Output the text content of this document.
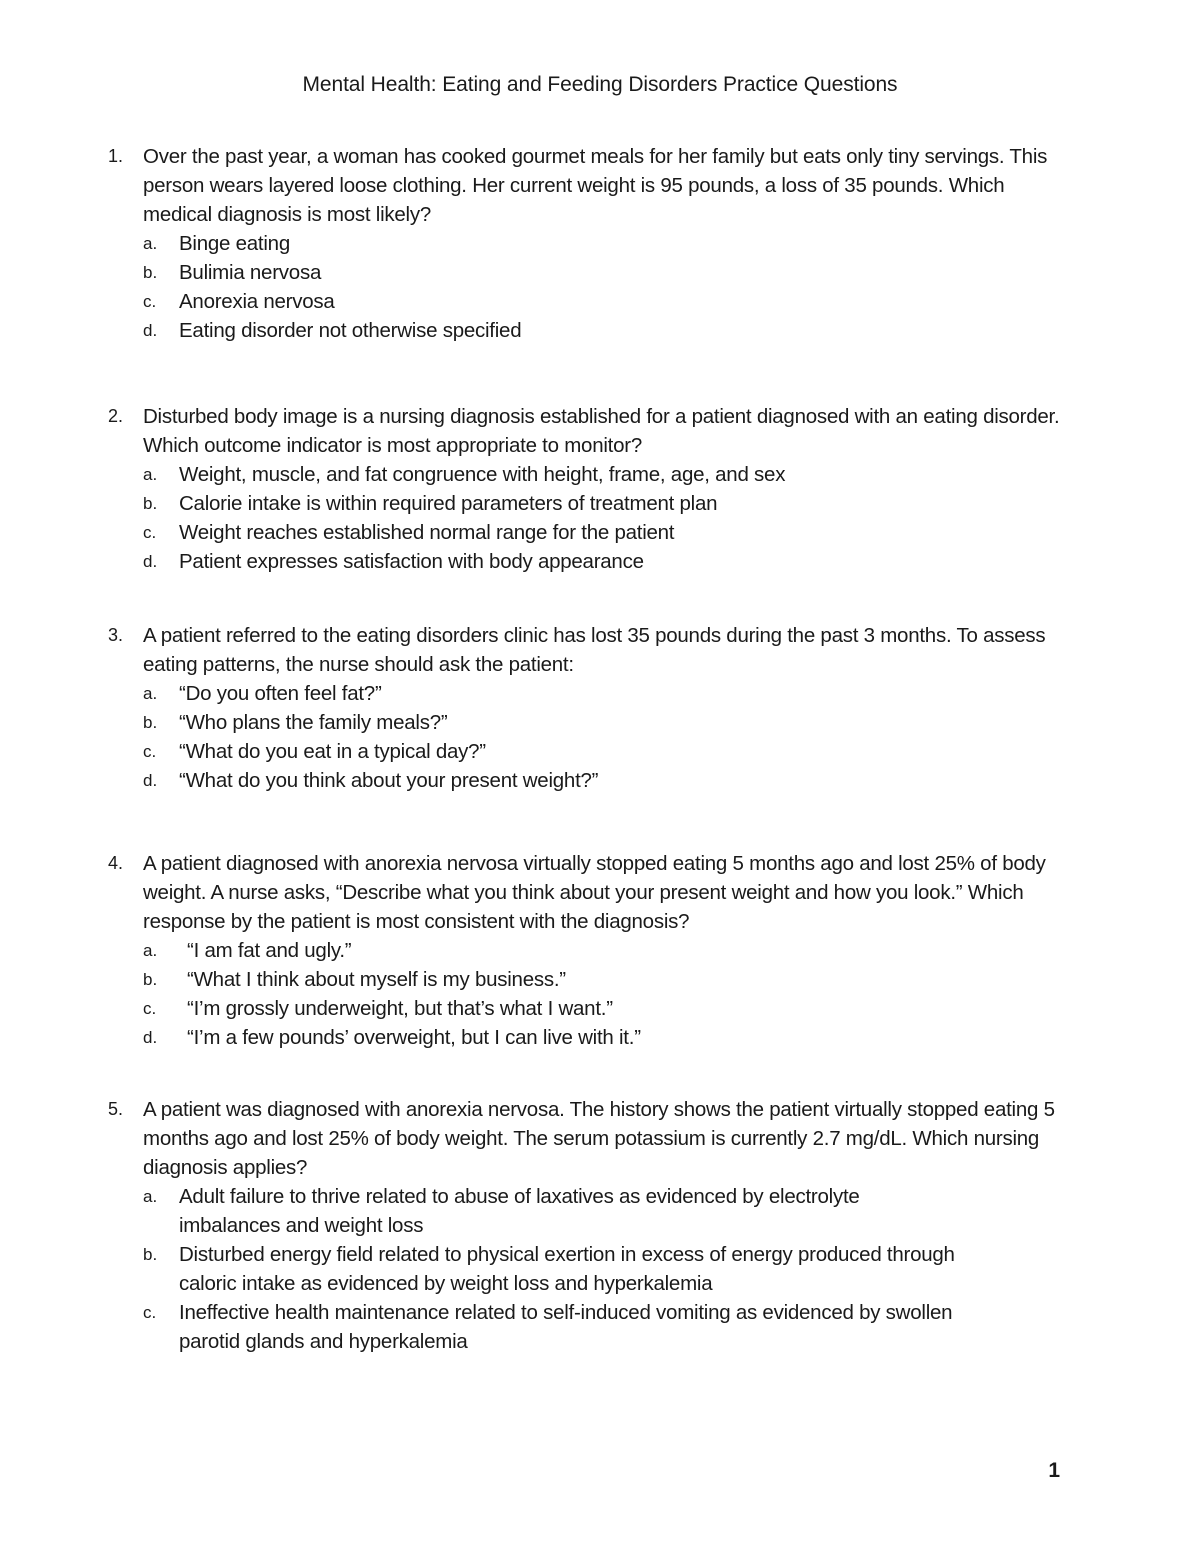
Mental Health: Eating and Feeding Disorders Practice Questions
1. Over the past year, a woman has cooked gourmet meals for her family but eats only tiny servings. This person wears layered loose clothing. Her current weight is 95 pounds, a loss of 35 pounds. Which medical diagnosis is most likely?
a.	Binge eating
b.	Bulimia nervosa
c.	Anorexia nervosa
d.	Eating disorder not otherwise specified
2. Disturbed body image is a nursing diagnosis established for a patient diagnosed with an eating disorder. Which outcome indicator is most appropriate to monitor?
a.	Weight, muscle, and fat congruence with height, frame, age, and sex
b.	Calorie intake is within required parameters of treatment plan
c.	Weight reaches established normal range for the patient
d.	Patient expresses satisfaction with body appearance
3. A patient referred to the eating disorders clinic has lost 35 pounds during the past 3 months. To assess eating patterns, the nurse should ask the patient:
a.	“Do you often feel fat?”
b.	“Who plans the family meals?”
c.	“What do you eat in a typical day?”
d.	“What do you think about your present weight?”
4. A patient diagnosed with anorexia nervosa virtually stopped eating 5 months ago and lost 25% of body weight. A nurse asks, “Describe what you think about your present weight and how you look.” Which response by the patient is most consistent with the diagnosis?
a.	“I am fat and ugly.”
b.	“What I think about myself is my business.”
c.	“I’m grossly underweight, but that’s what I want.”
d.	“I’m a few pounds’ overweight, but I can live with it.”
5. A patient was diagnosed with anorexia nervosa. The history shows the patient virtually stopped eating 5 months ago and lost 25% of body weight. The serum potassium is currently 2.7 mg/dL. Which nursing diagnosis applies?
a.	Adult failure to thrive related to abuse of laxatives as evidenced by electrolyte imbalances and weight loss
b.	Disturbed energy field related to physical exertion in excess of energy produced through caloric intake as evidenced by weight loss and hyperkalemia
c.	Ineffective health maintenance related to self-induced vomiting as evidenced by swollen parotid glands and hyperkalemia
1
